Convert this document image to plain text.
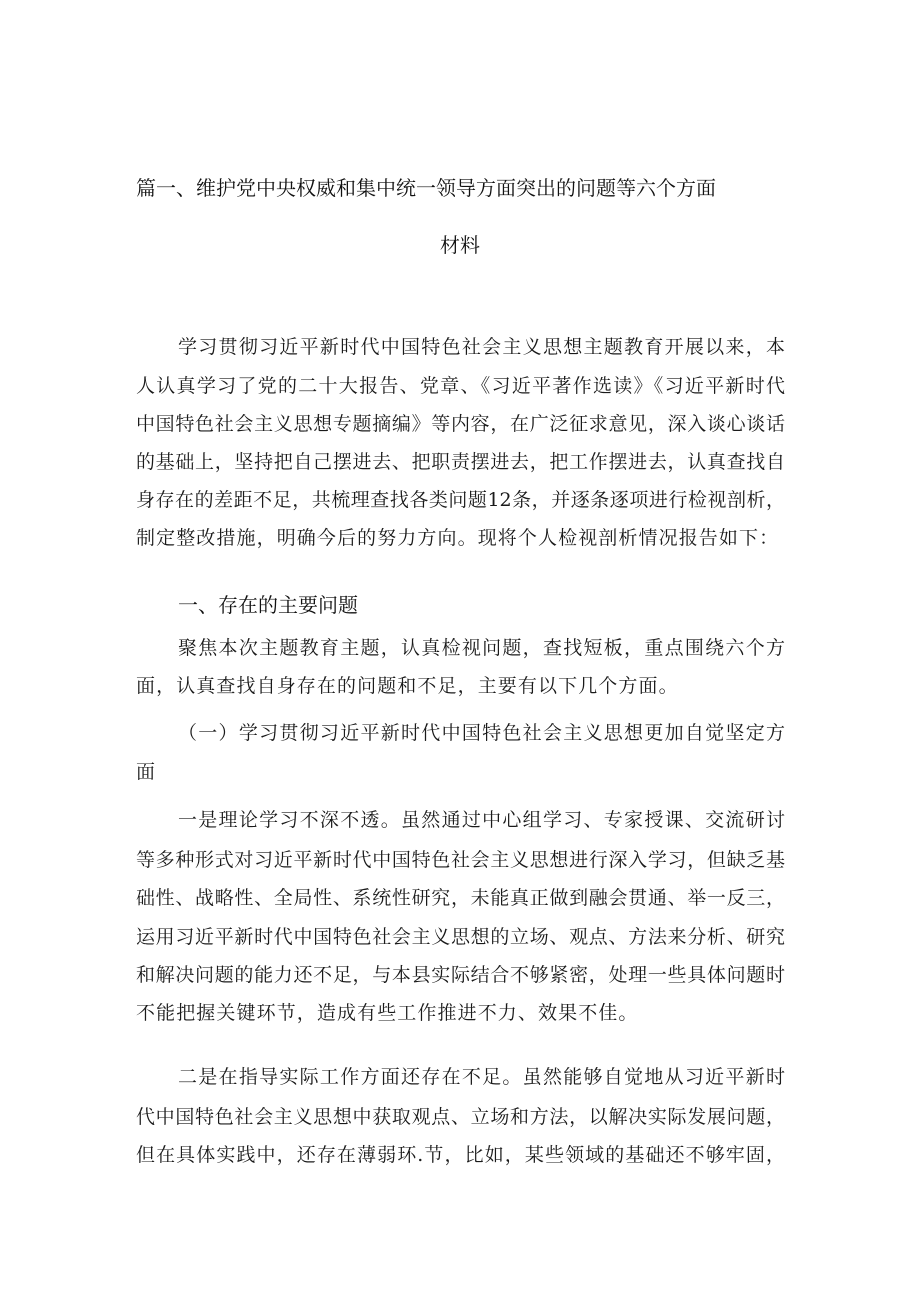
篇一、维护党中央权威和集中统一领导方面突出的问题等六个方面
材料
学习贯彻习近平新时代中国特色社会主义思想主题教育开展以来，本
人认真学习了党的二十大报告、党章、《习近平著作选读》《习近平新时代
中国特色社会主义思想专题摘编》等内容，在广泛征求意见，深入谈心谈话
的基础上，坚持把自己摆进去、把职责摆进去，把工作摆进去，认真查找自
身存在的差距不足，共梳理查找各类问题12条，并逐条逐项进行检视剖析，
制定整改措施，明确今后的努力方向。现将个人检视剖析情况报告如下：
一、存在的主要问题
聚焦本次主题教育主题，认真检视问题，查找短板，重点围绕六个方
面，认真查找自身存在的问题和不足，主要有以下几个方面。
（一）学习贯彻习近平新时代中国特色社会主义思想更加自觉坚定方
面
一是理论学习不深不透。虽然通过中心组学习、专家授课、交流研讨
等多种形式对习近平新时代中国特色社会主义思想进行深入学习，但缺乏基
础性、战略性、全局性、系统性研究，未能真正做到融会贯通、举一反三，
运用习近平新时代中国特色社会主义思想的立场、观点、方法来分析、研究
和解决问题的能力还不足，与本县实际结合不够紧密，处理一些具体问题时
不能把握关键环节，造成有些工作推进不力、效果不佳。
二是在指导实际工作方面还存在不足。虽然能够自觉地从习近平新时
代中国特色社会主义思想中获取观点、立场和方法，以解决实际发展问题，
但在具体实践中，还存在薄弱环.节，比如，某些领域的基础还不够牢固，
